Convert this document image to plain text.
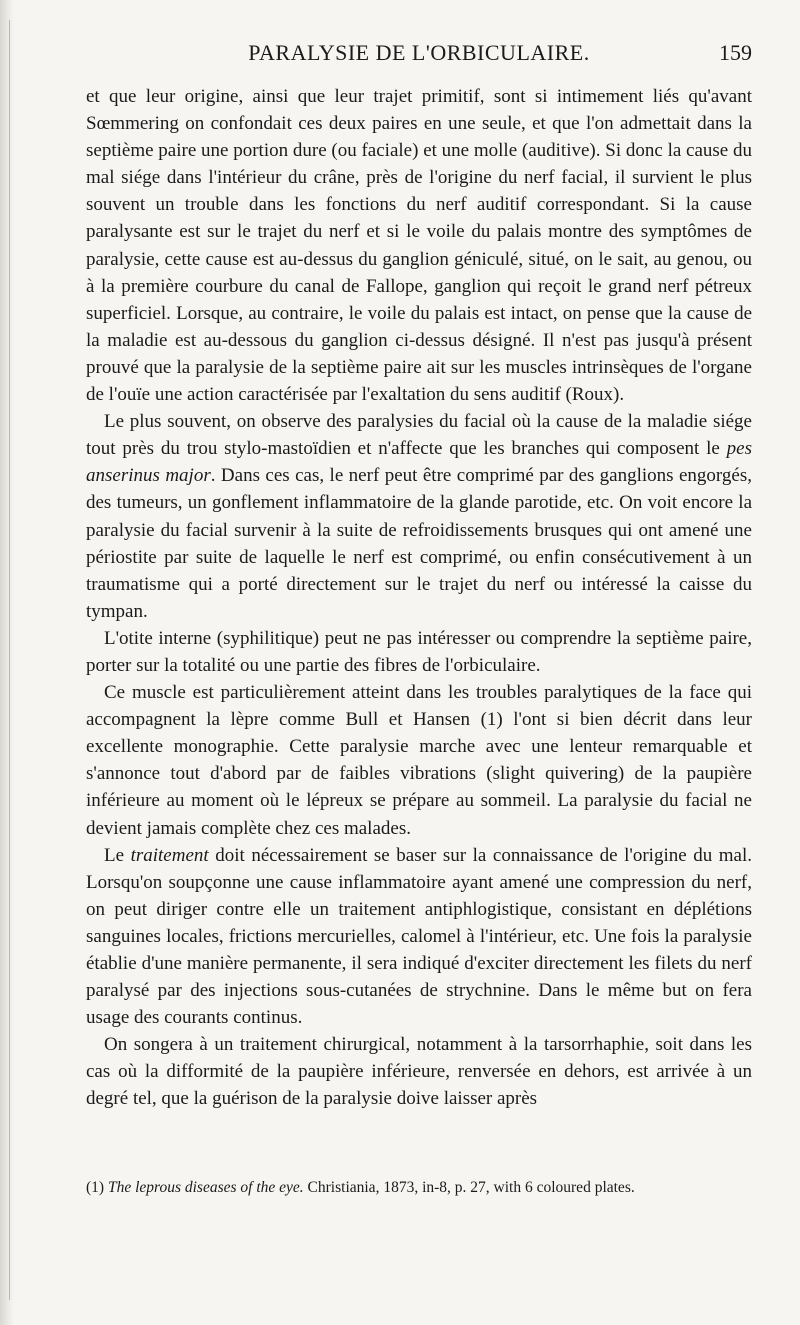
PARALYSIE DE L'ORBICULAIRE.	159

et que leur origine, ainsi que leur trajet primitif, sont si intimement liés qu'avant Sœmmering on confondait ces deux paires en une seule, et que l'on admettait dans la septième paire une portion dure (ou faciale) et une molle (auditive). Si donc la cause du mal siége dans l'intérieur du crâne, près de l'origine du nerf facial, il survient le plus souvent un trouble dans les fonctions du nerf auditif correspondant. Si la cause paralysante est sur le trajet du nerf et si le voile du palais montre des symptômes de paralysie, cette cause est au-dessus du ganglion géniculé, situé, on le sait, au genou, ou à la première courbure du canal de Fallope, ganglion qui reçoit le grand nerf pétreux superficiel. Lorsque, au contraire, le voile du palais est intact, on pense que la cause de la maladie est au-dessous du ganglion ci-dessus désigné. Il n'est pas jusqu'à présent prouvé que la paralysie de la septième paire ait sur les muscles intrinsèques de l'organe de l'ouïe une action caractérisée par l'exaltation du sens auditif (Roux).

Le plus souvent, on observe des paralysies du facial où la cause de la maladie siége tout près du trou stylo-mastoïdien et n'affecte que les branches qui composent le pes anserinus major. Dans ces cas, le nerf peut être comprimé par des ganglions engorgés, des tumeurs, un gonflement inflammatoire de la glande parotide, etc. On voit encore la paralysie du facial survenir à la suite de refroidissements brusques qui ont amené une périostite par suite de laquelle le nerf est comprimé, ou enfin consécutivement à un traumatisme qui a porté directement sur le trajet du nerf ou intéressé la caisse du tympan.

L'otite interne (syphilitique) peut ne pas intéresser ou comprendre la septième paire, porter sur la totalité ou une partie des fibres de l'orbiculaire.

Ce muscle est particulièrement atteint dans les troubles paralytiques de la face qui accompagnent la lèpre comme Bull et Hansen (1) l'ont si bien décrit dans leur excellente monographie. Cette paralysie marche avec une lenteur remarquable et s'annonce tout d'abord par de faibles vibrations (slight quivering) de la paupière inférieure au moment où le lépreux se prépare au sommeil. La paralysie du facial ne devient jamais complète chez ces malades.

Le traitement doit nécessairement se baser sur la connaissance de l'origine du mal. Lorsqu'on soupçonne une cause inflammatoire ayant amené une compression du nerf, on peut diriger contre elle un traitement antiphlogistique, consistant en déplétions sanguines locales, frictions mercurielles, calomel à l'intérieur, etc. Une fois la paralysie établie d'une manière permanente, il sera indiqué d'exciter directement les filets du nerf paralysé par des injections sous-cutanées de strychnine. Dans le même but on fera usage des courants continus.

On songera à un traitement chirurgical, notamment à la tarsorrhaphie, soit dans les cas où la difformité de la paupière inférieure, renversée en dehors, est arrivée à un degré tel, que la guérison de la paralysie doive laisser après

(1) The leprous diseases of the eye. Christiania, 1873, in-8, p. 27, with 6 coloured plates.
